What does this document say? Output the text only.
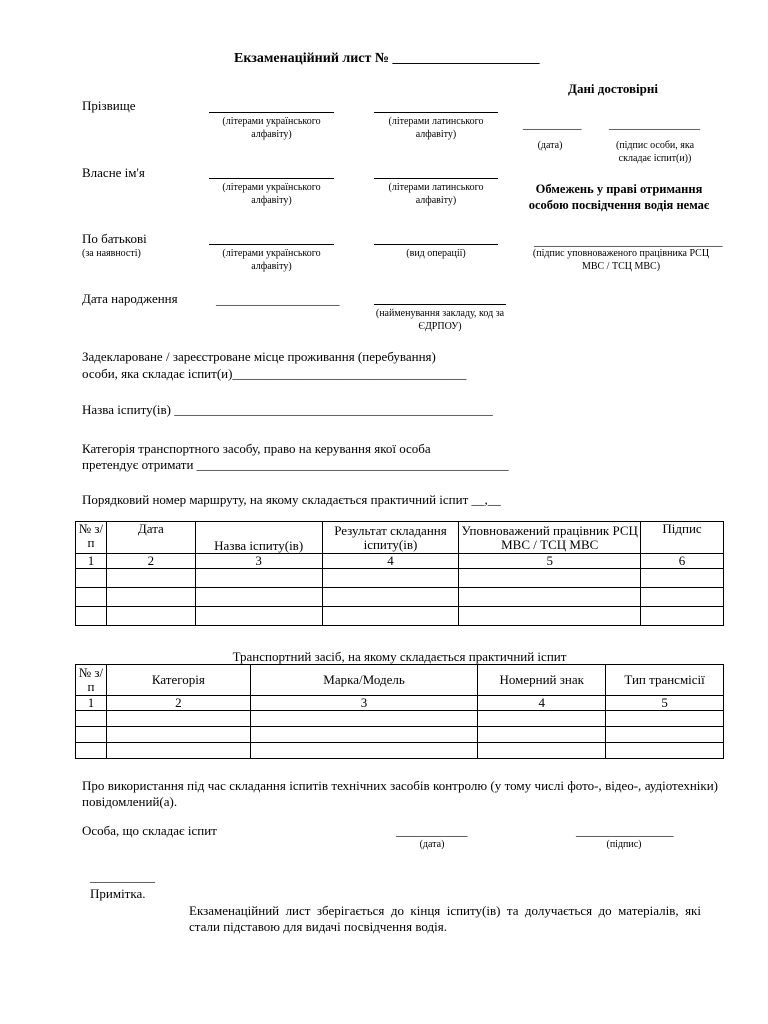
Екзаменаційний лист № _____________________
Дані достовірні
_________ ______________
(дата)	(підпис особи, яка складає іспит(и))
Обмежень у праві отримання особою посвідчення водія немає
_____________________________
(підпис уповноваженого працівника РСЦ МВС / ТСЦ МВС)
Прізвище
(літерами українського алфавіту)
(літерами латинського алфавіту)
Власне ім'я
(літерами українського алфавіту)
(літерами латинського алфавіту)
По батькові
(за наявності)	(літерами українського алфавіту)
(вид операції)
Дата народження	___________________
(найменування закладу, код за ЄДРПОУ)
Задекларoване / зареєстроване місце проживання (перебування)
особи, яка складає іспит(и)____________________________________
Назва іспиту(ів) _________________________________________________
Категорія транспортного засобу, право на керування якої особа
претендує отримати ________________________________________________
Порядковий номер маршруту, на якому складається практичний іспит __,__
№ з/п	Дата	Назва іспиту(ів)	Результат складання іспиту(ів)	Уповноважений працівник РСЦ МВС / ТСЦ МВС	Підпис
1	2	3	4	5	6

Транспортний засіб, на якому складається практичний іспит
№ з/п	Категорія	Марка/Модель	Номерний знак	Тип трансмісії
1	2	3	4	5

Про використання під час складання іспитів технічних засобів контролю (у тому числі фото-, відео-, аудіотехніки) повідомлений(а).
Особа, що складає іспит	___________
(дата)
_______________
(підпис)
__________
Примітка.
Екзаменаційний лист зберігається до кінця іспиту(ів) та долучається до матеріалів, які
стали підставою для видачі посвідчення водія.
